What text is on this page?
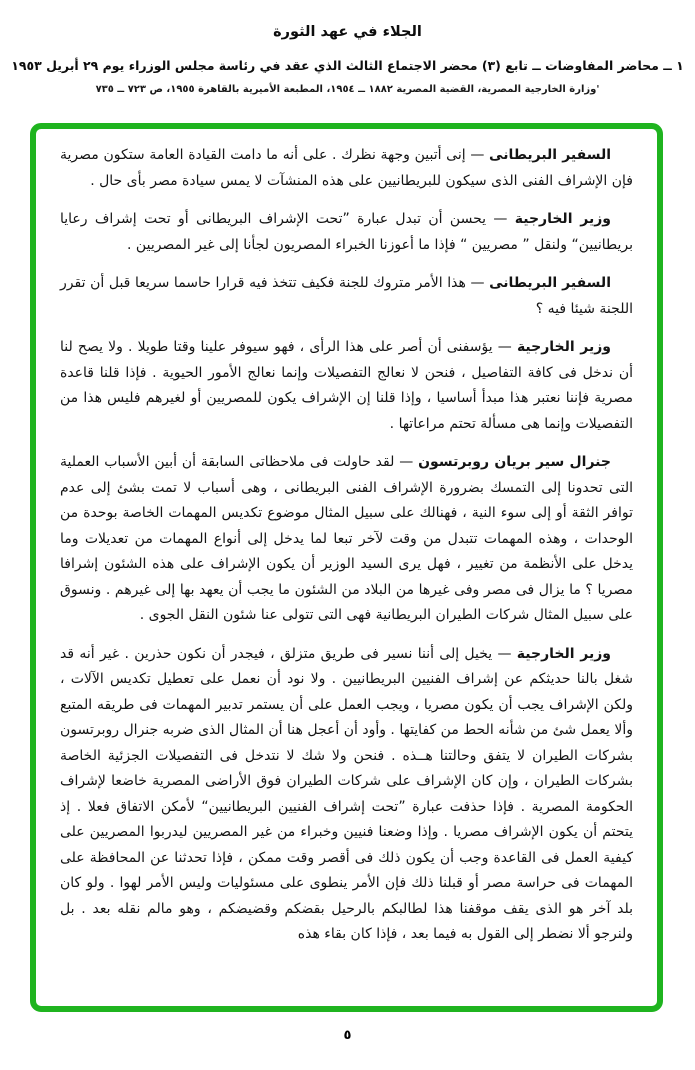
الجلاء في عهد الثورة
١ ــ محاضر المفاوضات ــ تابع (٣) محضر الاجتماع الثالث الذي عقد في رئاسة مجلس الوزراء يوم ٢٩ أبريل ١٩٥٣
'وزارة الخارجية المصرية، القضية المصرية ١٨٨٢ ــ ١٩٥٤، المطبعة الأميرية بالقاهرة ١٩٥٥، ص ٧٢٣ ــ ٧٣٥

السفير البريطانى — إنى أتبين وجهة نظرك . على أنه ما دامت القيادة العامة ستكون مصرية فإن الإشراف الفنى الذى سيكون للبريطانيين على هذه المنشآت لا يمس سيادة مصر بأى حال .

وزير الخارجية — يحسن أن تبدل عبارة ”تحت الإشراف البريطانى أو تحت إشراف رعايا بريطانيين“ ولنقل ” مصريين “ فإذا ما أعوزنا الخبراء المصريون لجأنا إلى غير المصريين .

السفير البريطانى — هذا الأمر متروك للجنة فكيف تتخذ فيه قرارا حاسما سريعا قبل أن تقرر اللجنة شيئا فيه ؟

وزير الخارجية — يؤسفنى أن أصر على هذا الرأى ، فهو سيوفر علينا وقتا طويلا . ولا يصح لنا أن ندخل فى كافة التفاصيل ، فنحن لا نعالج التفصيلات وإنما نعالج الأمور الحيوية . فإذا قلنا قاعدة مصرية فإننا نعتبر هذا مبدأ أساسيا ، وإذا قلنا إن الإشراف يكون للمصريين أو لغيرهم فليس هذا من التفصيلات وإنما هى مسألة تحتم مراعاتها .

جنرال سير بريان روبرتسون — لقد حاولت فى ملاحظاتى السابقة أن أبين الأسباب العملية التى تحدونا إلى التمسك بضرورة الإشراف الفنى البريطانى ، وهى أسباب لا تمت بشئ إلى عدم توافر الثقة أو إلى سوء النية ، فهنالك على سبيل المثال موضوع تكديس المهمات الخاصة بوحدة من الوحدات ، وهذه المهمات تتبدل من وقت لآخر تبعا لما يدخل إلى أنواع المهمات من تعديلات وما يدخل على الأنظمة من تغيير ، فهل يرى السيد الوزير أن يكون الإشراف على هذه الشئون إشرافا مصريا ؟ ما يزال فى مصر وفى غيرها من البلاد من الشئون ما يجب أن يعهد بها إلى غيرهم . ونسوق على سبيل المثال شركات الطيران البريطانية فهى التى تتولى عنا شئون النقل الجوى .

وزير الخارجية — يخيل إلى أننا نسير فى طريق متزلق ، فيجدر أن نكون حذرين . غير أنه قد شغل بالنا حديثكم عن إشراف الفنيين البريطانيين . ولا نود أن نعمل على تعطيل تكديس الآلات ، ولكن الإشراف يجب أن يكون مصريا ، ويجب العمل على أن يستمر تدبير المهمات فى طريقه المتبع وألا يعمل شئ من شأنه الحط من كفايتها . وأود أن أعجل هنا أن المثال الذى ضربه جنرال روبرتسون بشركات الطيران لا يتفق وحالتنا هــذه . فنحن ولا شك لا نتدخل فى التفصيلات الجزئية الخاصة بشركات الطيران ، وإن كان الإشراف على شركات الطيران فوق الأراضى المصرية خاضعا لإشراف الحكومة المصرية . فإذا حذفت عبارة ”تحت إشراف الفنيين البريطانيين“ لأمكن الاتفاق فعلا . إذ يتحتم أن يكون الإشراف مصريا . وإذا وضعنا فنيين وخبراء من غير المصريين ليدربوا المصريين على كيفية العمل فى القاعدة وجب أن يكون ذلك فى أقصر وقت ممكن ، فإذا تحدثنا عن المحافظة على المهمات فى حراسة مصر أو قبلنا ذلك فإن الأمر ينطوى على مسئوليات وليس الأمر لهوا . ولو كان بلد آخر هو الذى يقف موقفنا هذا لطالبكم بالرحيل بقضكم وقضيضكم ، وهو مالم نقله بعد . بل ولنرجو ألا نضطر إلى القول به فيما بعد ، فإذا كان بقاء هذه

٥
